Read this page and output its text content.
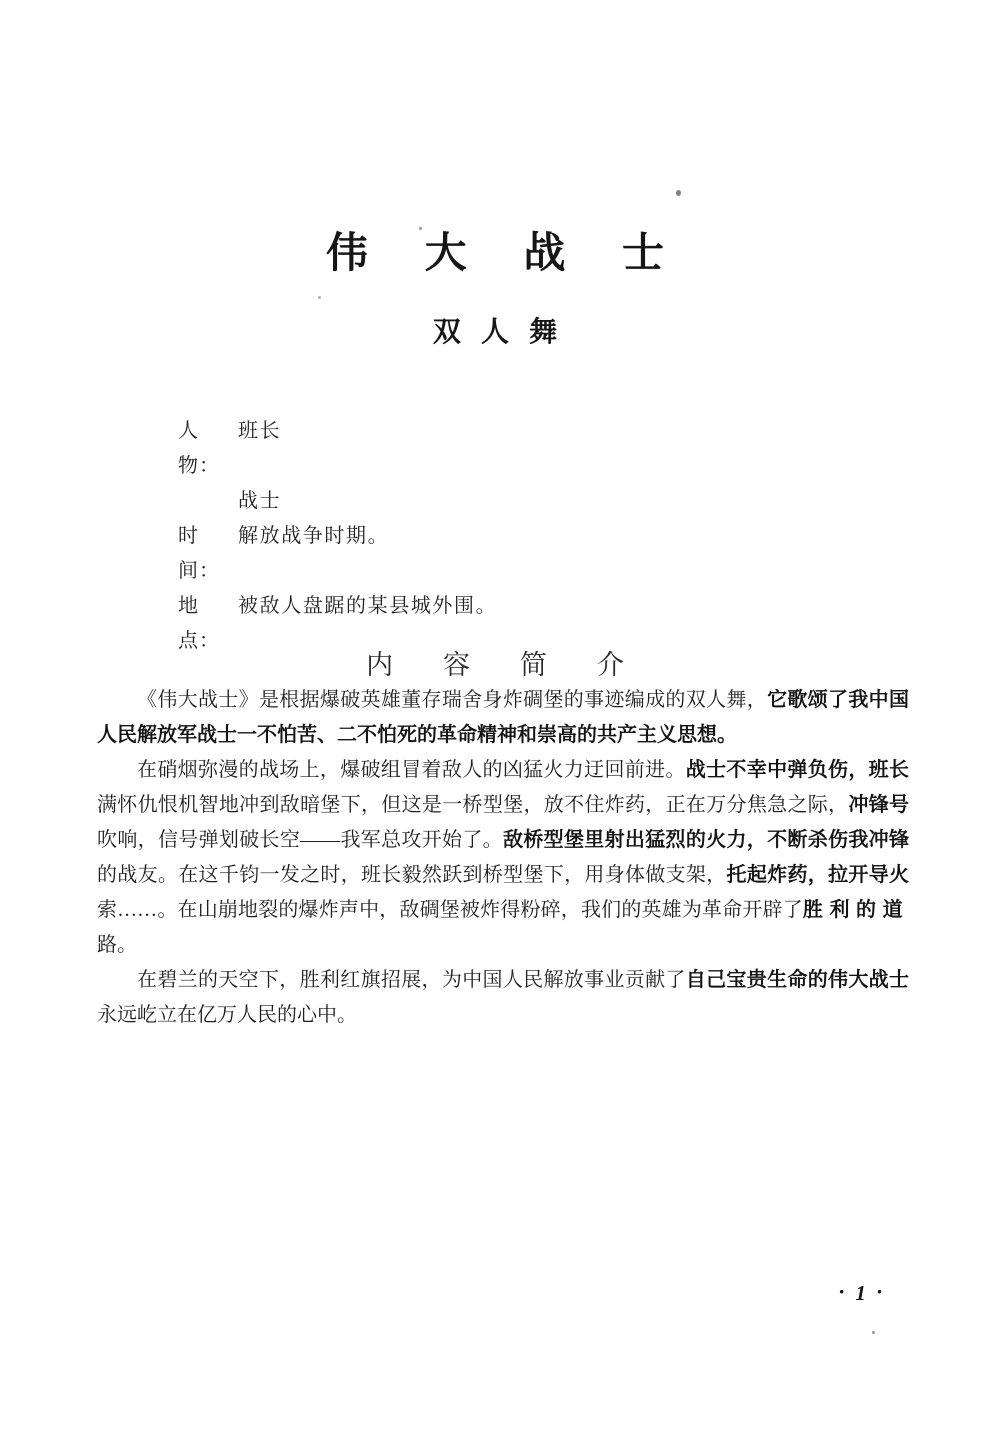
伟大战士
双人舞
人物：
班长
战士
时间：
解放战争时期。
地点：
被敌人盘踞的某县城外围。
内容简介

《伟大战士》是根据爆破英雄董存瑞舍身炸碉堡的事迹编成的双人舞，它歌颂了我中国人民解放军战士一不怕苦、二不怕死的革命精神和崇高的共产主义思想。

在硝烟弥漫的战场上，爆破组冒着敌人的凶猛火力迂回前进。战士不幸中弹负伤，班长满怀仇恨机智地冲到敌暗堡下，但这是一桥型堡，放不住炸药，正在万分焦急之际，冲锋号吹响，信号弹划破长空——我军总攻开始了。敌桥型堡里射出猛烈的火力，不断杀伤我冲锋的战友。在这千钧一发之时，班长毅然跃到桥型堡下，用身体做支架，托起炸药，拉开导火索……。在山崩地裂的爆炸声中，敌碉堡被炸得粉碎，我们的英雄为革命开辟了胜利的道路。

在碧兰的天空下，胜利红旗招展，为中国人民解放事业贡献了自己宝贵生命的伟大战士永远屹立在亿万人民的心中。

· 1 ·
